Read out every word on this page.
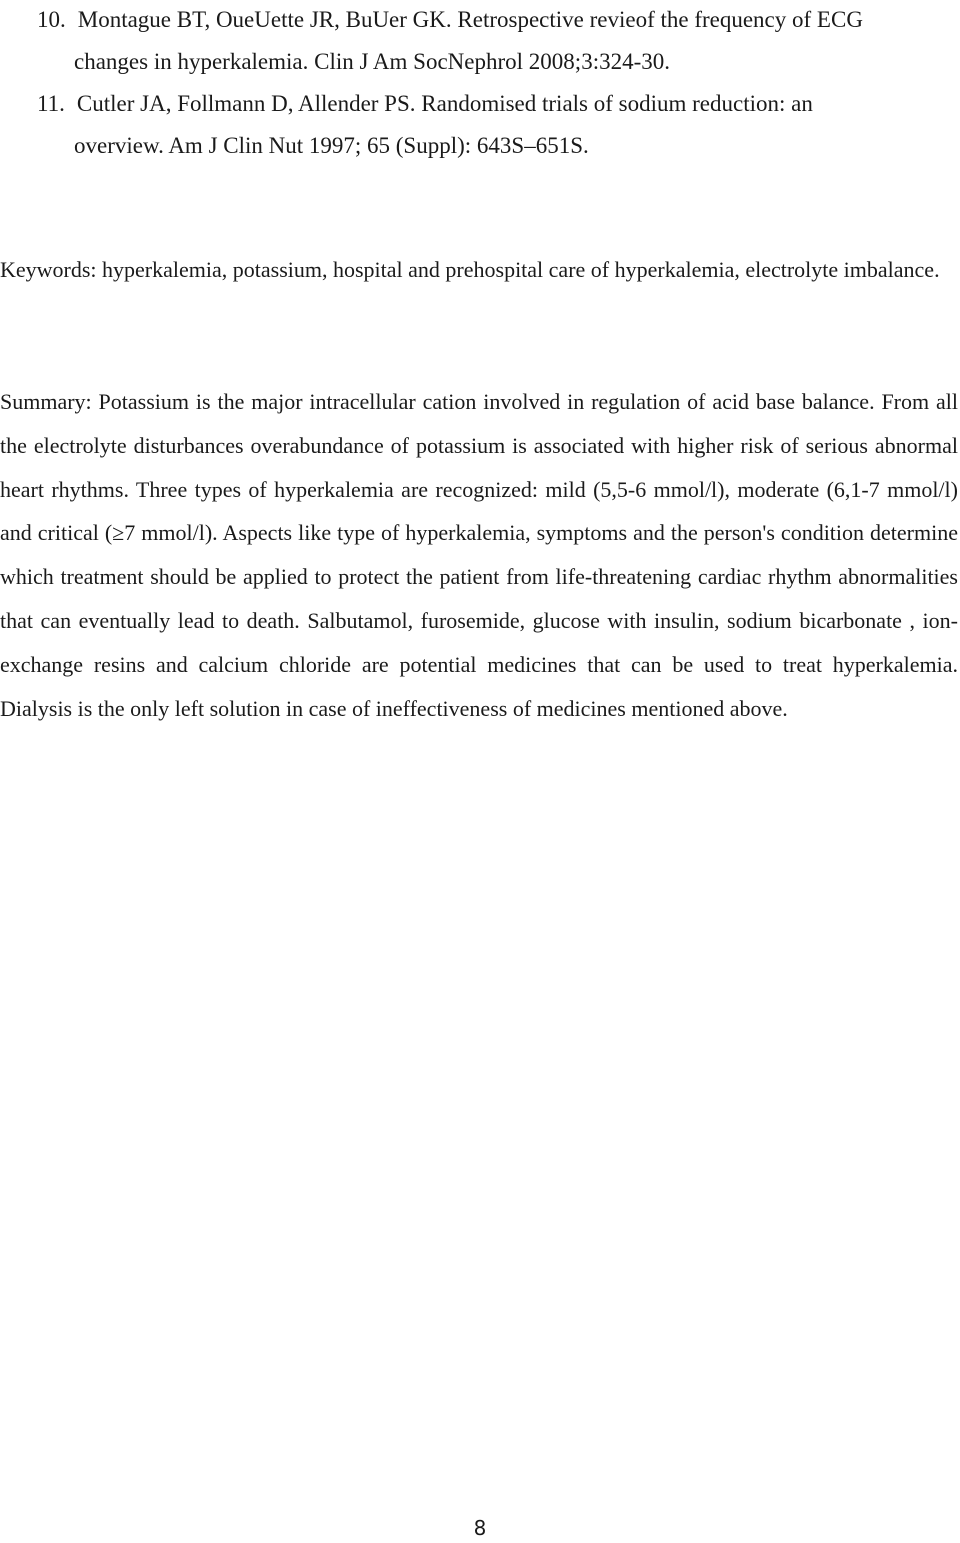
10. Montague BT, OueUette JR, BuUer GK. Retrospective revieof the frequency of ECG
changes in hyperkalemia. Clin J Am SocNephrol 2008;3:324-30.

11. Cutler JA, Follmann D, Allender PS. Randomised trials of sodium reduction: an
overview. Am J Clin Nut 1997; 65 (Suppl): 643S–651S.

Keywords: hyperkalemia, potassium, hospital and prehospital care of hyperkalemia, electrolyte imbalance.

Summary: Potassium is the major intracellular cation involved in regulation of acid base balance. From all the electrolyte disturbances overabundance of potassium is associated with higher risk of serious abnormal heart rhythms. Three types of hyperkalemia are recognized: mild (5,5-6 mmol/l), moderate (6,1-7 mmol/l) and critical (≥7 mmol/l). Aspects like type of hyperkalemia, symptoms and the person's condition determine which treatment should be applied to protect the patient from life-threatening cardiac rhythm abnormalities that can eventually lead to death. Salbutamol, furosemide, glucose with insulin, sodium bicarbonate , ion-exchange resins and calcium chloride are potential medicines that can be used to treat hyperkalemia. Dialysis is the only left solution in case of ineffectiveness of medicines mentioned above.

8
